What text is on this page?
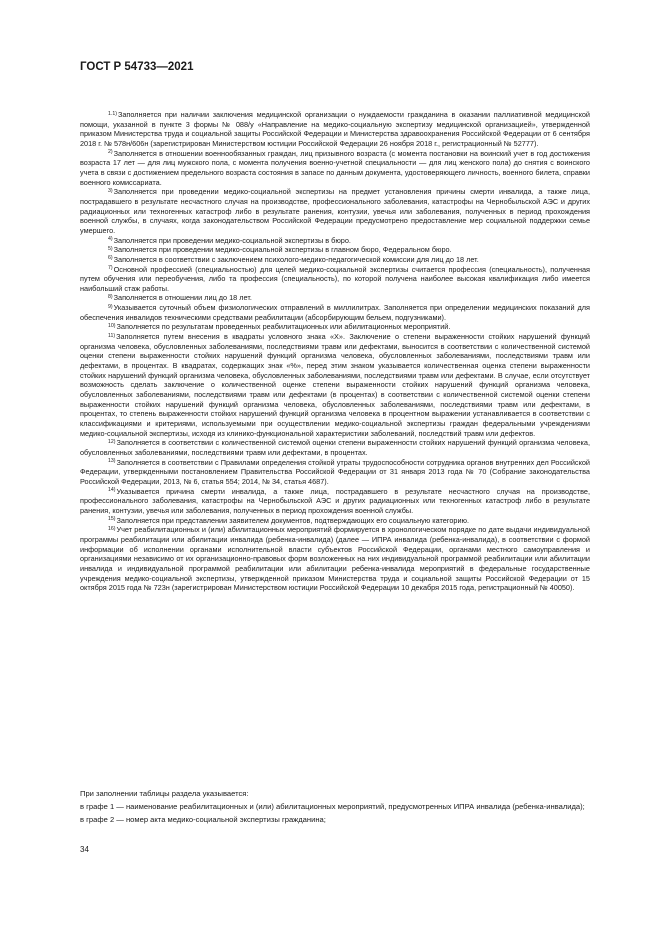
ГОСТ Р 54733—2021

$^{1.1)}$Заполняется при наличии заключения медицинской организации о нуждаемости гражданина в оказании паллиативной медицинской помощи, указанной в пункте 3 формы № 088/у «Направление на медико-социальную экспертизу медицинской организацией», утвержденной приказом Министерства труда и социальной защиты Российской Федерации и Министерства здравоохранения Российской Федерации от 6 сентября 2018 г. № 578н/606н (зарегистрирован Министерством юстиции Российской Федерации 26 ноября 2018 г., регистрационный № 52777).

$^{2)}$Заполняется в отношении военнообязанных граждан, лиц призывного возраста (с момента постановки на воинский учет в год достижения возраста 17 лет — для лиц мужского пола, с момента получения военно-учетной специальности — для лиц женского пола) до снятия с воинского учета в связи с достижением предельного возраста состояния в запасе по данным документа, удостоверяющего личность, военного билета, справки военного комиссариата.

$^{3)}$Заполняется при проведении медико-социальной экспертизы на предмет установления причины смерти инвалида, а также лица, пострадавшего в результате несчастного случая на производстве, профессионального заболевания, катастрофы на Чернобыльской АЭС и других радиационных или техногенных катастроф либо в результате ранения, контузии, увечья или заболевания, полученных в период прохождения военной службы, в случаях, когда законодательством Российской Федерации предусмотрено предоставление мер социальной поддержки семье умершего.

$^{4)}$Заполняется при проведении медико-социальной экспертизы в бюро.

$^{5)}$Заполняется при проведении медико-социальной экспертизы в главном бюро, Федеральном бюро.

$^{6)}$Заполняется в соответствии с заключением психолого-медико-педагогической комиссии для лиц до 18 лет.

$^{7)}$Основной профессией (специальностью) для целей медико-социальной экспертизы считается профессия (специальность), полученная путем обучения или переобучения, либо та профессия (специальность), по которой получена наиболее высокая квалификация либо имеется наибольший стаж работы.

$^{8)}$Заполняется в отношении лиц до 18 лет.

$^{9)}$Указывается суточный объем физиологических отправлений в миллилитрах. Заполняется при определении медицинских показаний для обеспечения инвалидов техническими средствами реабилитации (абсорбирующим бельем, подгузниками).

$^{10)}$Заполняется по результатам проведенных реабилитационных или абилитационных мероприятий.

$^{11)}$Заполняется путем внесения в квадраты условного знака «Х». Заключение о степени выраженности стойких нарушений функций организма человека, обусловленных заболеваниями, последствиями травм или дефектами, выносится в соответствии с количественной системой оценки степени выраженности стойких нарушений функций организма человека, обусловленных заболеваниями, последствиями травм или дефектами, в процентах. В квадратах, содержащих знак «%», перед этим знаком указывается количественная оценка степени выраженности стойких нарушений функций организма человека, обусловленных заболеваниями, последствиями травм или дефектами. В случае, если отсутствует возможность сделать заключение о количественной оценке степени выраженности стойких нарушений функций организма человека, обусловленных заболеваниями, последствиями травм или дефектами (в процентах) в соответствии с количественной системой оценки степени выраженности стойких нарушений функций организма человека, обусловленных заболеваниями, последствиями травм или дефектами, в процентах, то степень выраженности стойких нарушений функций организма человека в процентном выражении устанавливается в соответствии с классификациями и критериями, используемыми при осуществлении медико-социальной экспертизы граждан федеральными учреждениями медико-социальной экспертизы, исходя из клинико-функциональной характеристики заболеваний, последствий травм или дефектов.

$^{12)}$Заполняется в соответствии с количественной системой оценки степени выраженности стойких нарушений функций организма человека, обусловленных заболеваниями, последствиями травм или дефектами, в процентах.

$^{13)}$Заполняется в соответствии с Правилами определения стойкой утраты трудоспособности сотрудника органов внутренних дел Российской Федерации, утвержденными постановлением Правительства Российской Федерации от 31 января 2013 года № 70 (Собрание законодательства Российской Федерации, 2013, № 6, статья 554; 2014, № 34, статья 4687).

$^{14)}$Указывается причина смерти инвалида, а также лица, пострадавшего в результате несчастного случая на производстве, профессионального заболевания, катастрофы на Чернобыльской АЭС и других радиационных или техногенных катастроф либо в результате ранения, контузии, увечья или заболевания, полученных в период прохождения военной службы.

$^{15)}$Заполняется при представлении заявителем документов, подтверждающих его социальную категорию.

$^{16)}$Учет реабилитационных и (или) абилитационных мероприятий формируется в хронологическом порядке по дате выдачи индивидуальной программы реабилитации или абилитации инвалида (ребенка-инвалида) (далее — ИПРА инвалида (ребенка-инвалида), в соответствии с формой информации об исполнении органами исполнительной власти субъектов Российской Федерации, органами местного самоуправления и организациями независимо от их организационно-правовых форм возложенных на них индивидуальной программой реабилитации или абилитации инвалида и индивидуальной программой реабилитации или абилитации ребенка-инвалида мероприятий в федеральные государственные учреждения медико-социальной экспертизы, утвержденной приказом Министерства труда и социальной защиты Российской Федерации от 15 октября 2015 года № 723н (зарегистрирован Министерством юстиции Российской Федерации 10 декабря 2015 года, регистрационный № 40050).

При заполнении таблицы раздела указывается:

в графе 1 — наименование реабилитационных и (или) абилитационных мероприятий, предусмотренных ИПРА инвалида (ребенка-инвалида);

в графе 2 — номер акта медико-социальной экспертизы гражданина;

34
